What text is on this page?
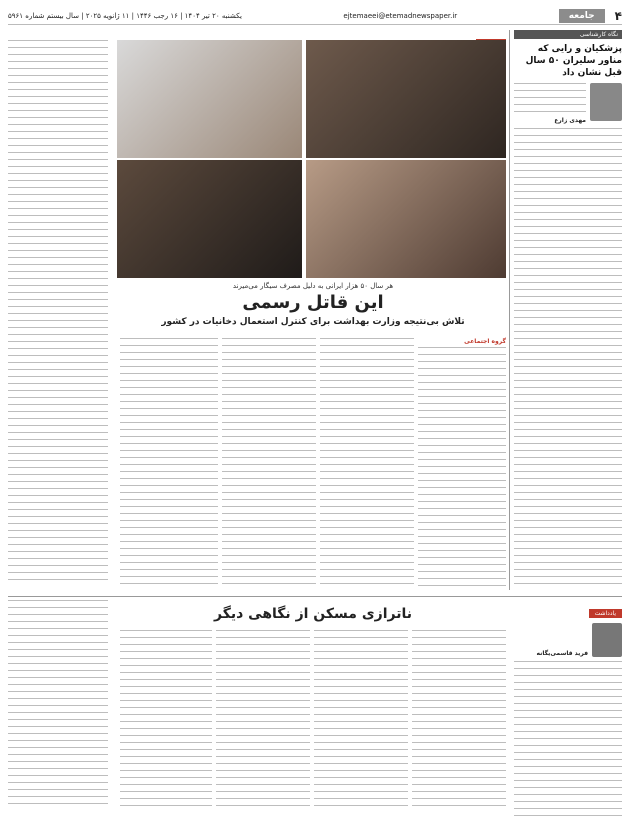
۴
جامعه
ejtemaeei@etemadnewspaper.ir
یکشنبه ۲۰ تیر ۱۴۰۴ | ۱۶ رجب ۱۴۴۶ | ۱۱ ژانویه ۲۰۲۵ | سال بیستم شماره ۵۹۶۱
نگاه کارشناسی
پزشکیان و رایی که مناور سلیران ۵۰ سال قبل نشان داد
مهدی زارع
هر سال ۵۰ هزار ایرانی به دلیل مصرف سیگار می‌میرند
این قاتل رسمی
تلاش بی‌نتیجه وزارت بهداشت برای کنترل استعمال دخانیات در کشور
گروه اجتماعی
یادداشت
فرید قاسمی‌یگانه
ناترازی مسکن از نگاهی دیگر
